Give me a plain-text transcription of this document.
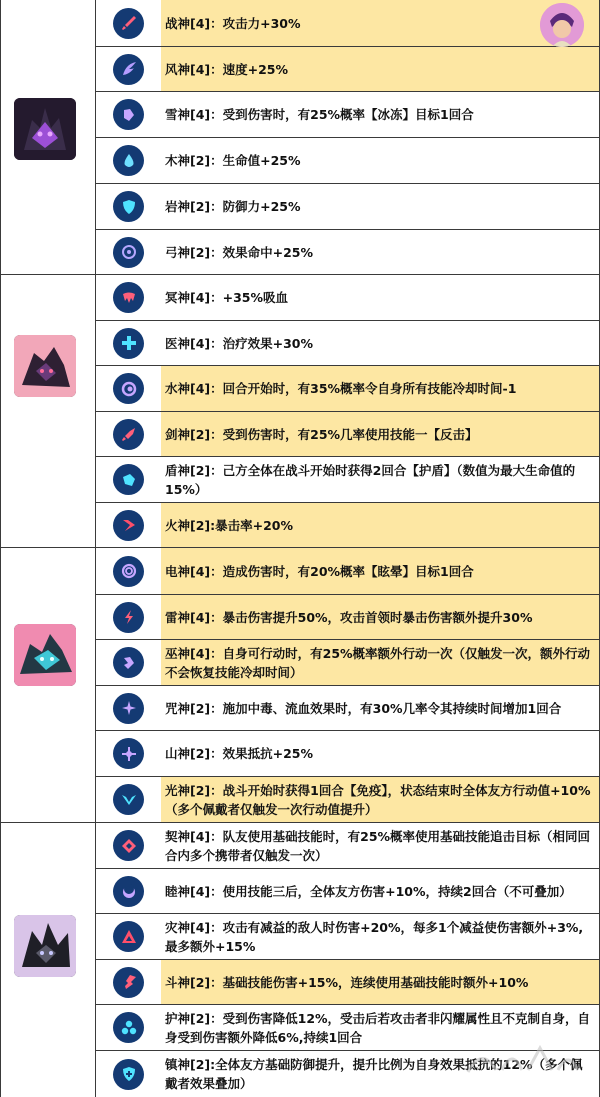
战神[4]：攻击力+30%
风神[4]：速度+25%
雪神[4]：受到伤害时，有25%概率【冰冻】目标1回合
木神[2]：生命值+25%
岩神[2]：防御力+25%
弓神[2]：效果命中+25%
冥神[4]：+35%吸血
医神[4]：治疗效果+30%
水神[4]：回合开始时，有35%概率令自身所有技能冷却时间-1
剑神[2]：受到伤害时，有25%几率使用技能一【反击】
盾神[2]：己方全体在战斗开始时获得2回合【护盾】（数值为最大生命值的15%）
火神[2]:暴击率+20%
电神[4]：造成伤害时，有20%概率【眩晕】目标1回合
雷神[4]：暴击伤害提升50%，攻击首领时暴击伤害额外提升30%
巫神[4]：自身可行动时，有25%概率额外行动一次（仅触发一次，额外行动不会恢复技能冷却时间）
咒神[2]：施加中毒、流血效果时，有30%几率令其持续时间增加1回合
山神[2]：效果抵抗+25%
光神[2]：战斗开始时获得1回合【免疫】，状态结束时全体友方行动值+10%（多个佩戴者仅触发一次行动值提升）
契神[4]：队友使用基础技能时，有25%概率使用基础技能追击目标（相同回合内多个携带者仅触发一次）
睦神[4]：使用技能三后，全体友方伤害+10%，持续2回合（不可叠加）
灾神[4]：攻击有减益的敌人时伤害+20%，每多1个减益使伤害额外+3%,最多额外+15%
斗神[2]：基础技能伤害+15%，连续使用基础技能时额外+10%
护神[2]：受到伤害降低12%，受击后若攻击者非闪耀属性且不克制自身，自身受到伤害额外降低6%,持续1回合
镇神[2]:全体友方基础防御提升，提升比例为自身效果抵抗的12%（多个佩戴者效果叠加）
